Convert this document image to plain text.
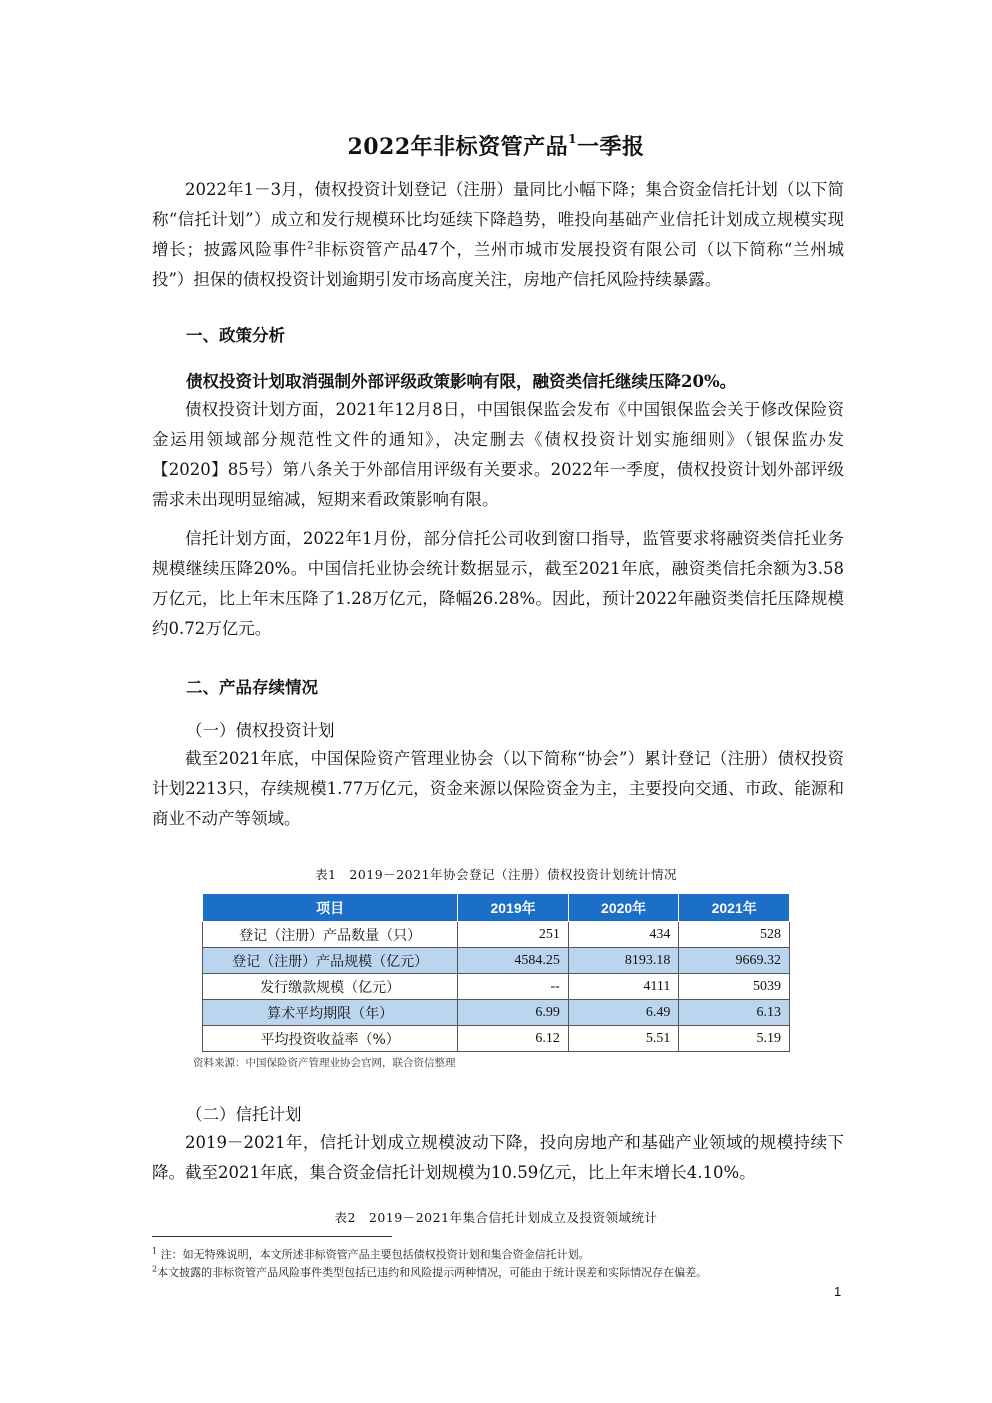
2022年非标资管产品$^1$一季报

2022年1－3月，债权投资计划登记（注册）量同比小幅下降；集合资金信托计划（以下简称“信托计划”）成立和发行规模环比均延续下降趋势，唯投向基础产业信托计划成立规模实现增长；披露风险事件$^2$非标资管产品47个，兰州市城市发展投资有限公司（以下简称“兰州城投”）担保的债权投资计划逾期引发市场高度关注，房地产信托风险持续暴露。

一、政策分析
债权投资计划取消强制外部评级政策影响有限，融资类信托继续压降20%。

债权投资计划方面，2021年12月8日，中国银保监会发布《中国银保监会关于修改保险资金运用领域部分规范性文件的通知》，决定删去《债权投资计划实施细则》（银保监办发【2020】85号）第八条关于外部信用评级有关要求。2022年一季度，债权投资计划外部评级需求未出现明显缩减，短期来看政策影响有限。

信托计划方面，2022年1月份，部分信托公司收到窗口指导，监管要求将融资类信托业务规模继续压降20%。中国信托业协会统计数据显示，截至2021年底，融资类信托余额为3.58万亿元，比上年末压降了1.28万亿元，降幅26.28%。因此，预计2022年融资类信托压降规模约0.72万亿元。

二、产品存续情况
（一）债权投资计划

截至2021年底，中国保险资产管理业协会（以下简称“协会”）累计登记（注册）债权投资计划2213只，存续规模1.77万亿元，资金来源以保险资金为主，主要投向交通、市政、能源和商业不动产等领域。

表1　2019－2021年协会登记（注册）债权投资计划统计情况
项目	2019年	2020年	2021年
登记（注册）产品数量（只）	251	434	528
登记（注册）产品规模（亿元）	4584.25	8193.18	9669.32
发行缴款规模（亿元）	--	4111	5039
算术平均期限（年）	6.99	6.49	6.13
平均投资收益率（%）	6.12	5.51	5.19
资料来源：中国保险资产管理业协会官网，联合资信整理
（二）信托计划

2019－2021年，信托计划成立规模波动下降，投向房地产和基础产业领域的规模持续下降。截至2021年底，集合资金信托计划规模为10.59亿元，比上年末增长4.10%。

表2　2019－2021年集合信托计划成立及投资领域统计
$^1$ 注：如无特殊说明，本文所述非标资管产品主要包括债权投资计划和集合资金信托计划。
$^2$本文披露的非标资管产品风险事件类型包括已违约和风险提示两种情况，可能由于统计误差和实际情况存在偏差。
1
